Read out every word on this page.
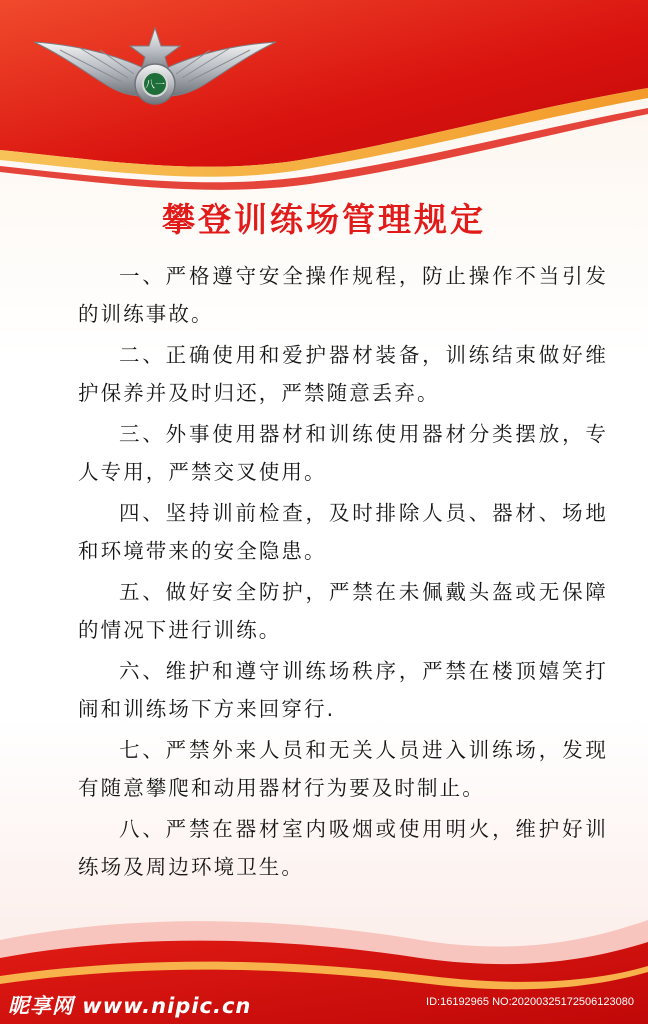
八一
攀登训练场管理规定

一、严格遵守安全操作规程，防止操作不当引发的训练事故。

二、正确使用和爱护器材装备，训练结束做好维护保养并及时归还，严禁随意丢弃。

三、外事使用器材和训练使用器材分类摆放，专人专用，严禁交叉使用。

四、坚持训前检查，及时排除人员、器材、场地和环境带来的安全隐患。

五、做好安全防护，严禁在未佩戴头盔或无保障的情况下进行训练。

六、维护和遵守训练场秩序，严禁在楼顶嬉笑打闹和训练场下方来回穿行.

七、严禁外来人员和无关人员进入训练场，发现有随意攀爬和动用器材行为要及时制止。

八、严禁在器材室内吸烟或使用明火，维护好训练场及周边环境卫生。

昵享网 www.nipic.cn	ID:16192965 NO:20200325172506123080
